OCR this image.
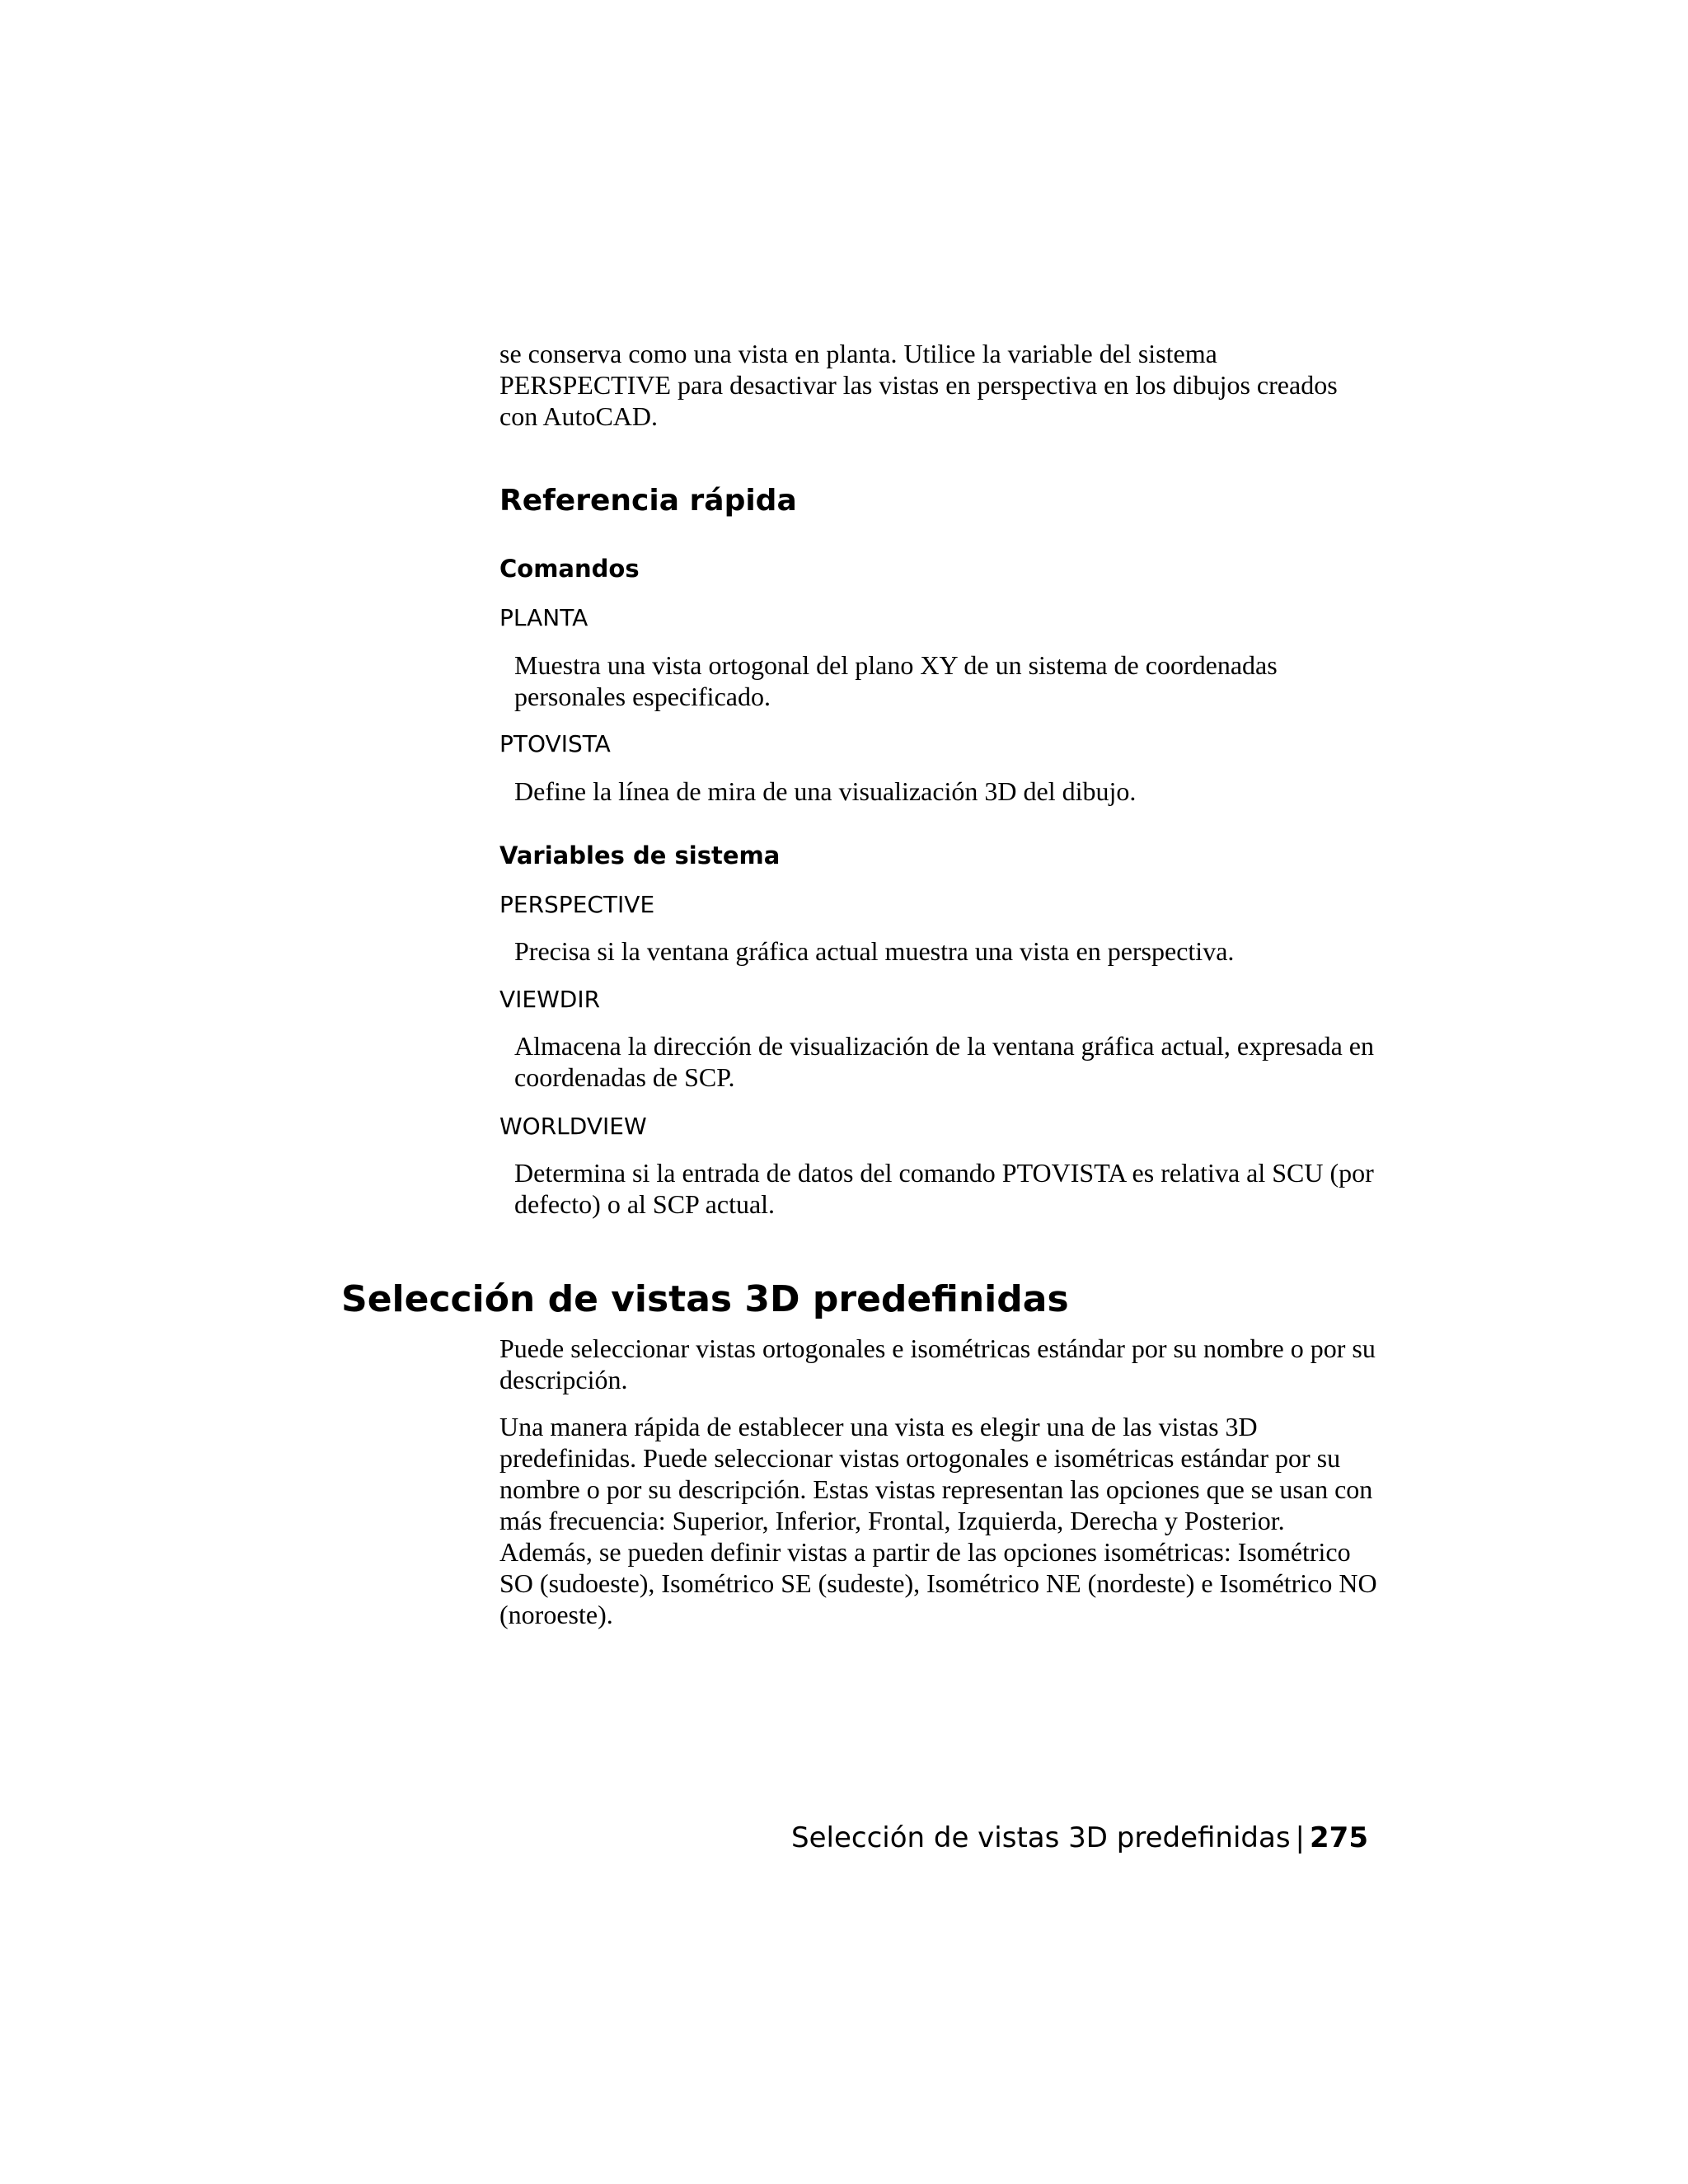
se conserva como una vista en planta. Utilice la variable del sistema PERSPECTIVE para desactivar las vistas en perspectiva en los dibujos creados con AutoCAD.

Referencia rápida
Comandos
PLANTA

Muestra una vista ortogonal del plano XY de un sistema de coordenadas personales especificado.

PTOVISTA

Define la línea de mira de una visualización 3D del dibujo.

Variables de sistema
PERSPECTIVE

Precisa si la ventana gráfica actual muestra una vista en perspectiva.

VIEWDIR

Almacena la dirección de visualización de la ventana gráfica actual, expresada en coordenadas de SCP.

WORLDVIEW

Determina si la entrada de datos del comando PTOVISTA es relativa al SCU (por defecto) o al SCP actual.

Selección de vistas 3D predefinidas

Puede seleccionar vistas ortogonales e isométricas estándar por su nombre o por su descripción.

Una manera rápida de establecer una vista es elegir una de las vistas 3D predefinidas. Puede seleccionar vistas ortogonales e isométricas estándar por su nombre o por su descripción. Estas vistas representan las opciones que se usan con más frecuencia: Superior, Inferior, Frontal, Izquierda, Derecha y Posterior. Además, se pueden definir vistas a partir de las opciones isométricas: Isométrico SO (sudoeste), Isométrico SE (sudeste), Isométrico NE (nordeste) e Isométrico NO (noroeste).

Selección de vistas 3D predefinidas | 275
